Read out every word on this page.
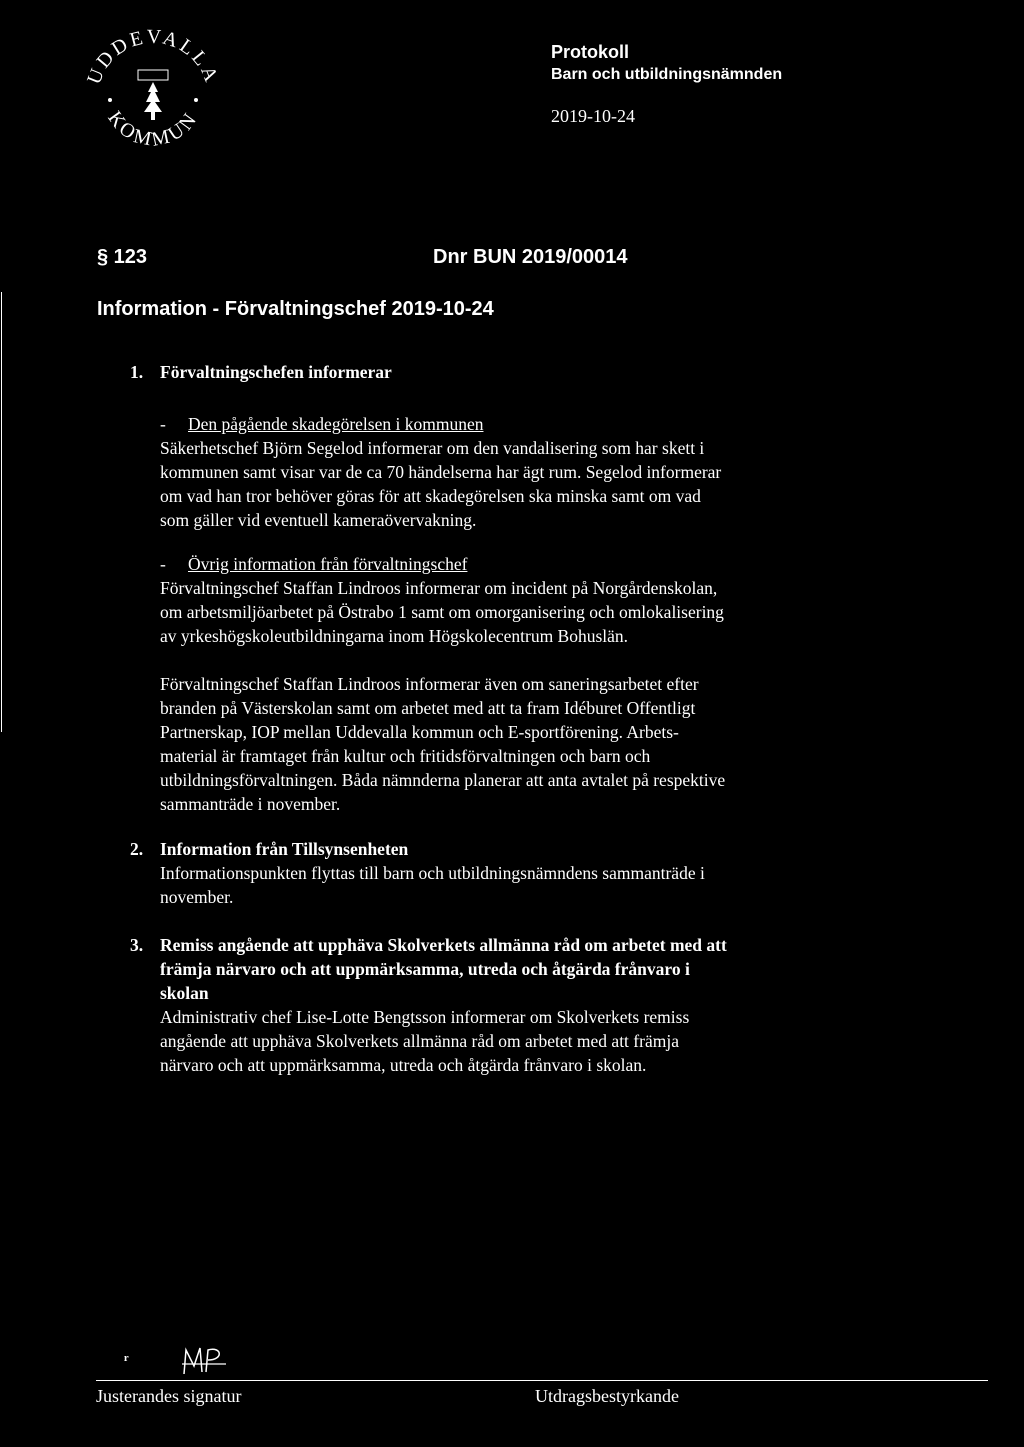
UDDEVALLA
KOMMUN
Protokoll
Barn och utbildningsnämnden
2019-10-24
§ 123	Dnr BUN 2019/00014
Information - Förvaltningschef 2019-10-24
1. Förvaltningschefen informerar
- Den pågående skadegörelsen i kommunen
Säkerhetschef Björn Segelod informerar om den vandalisering som har skett i
kommunen samt visar var de ca 70 händelserna har ägt rum. Segelod informerar
om vad han tror behöver göras för att skadegörelsen ska minska samt om vad
som gäller vid eventuell kameraövervakning.
- Övrig information från förvaltningschef
Förvaltningschef Staffan Lindroos informerar om incident på Norgårdenskolan,
om arbetsmiljöarbetet på Östrabo 1 samt om omorganisering och omlokalisering
av yrkeshögskoleutbildningarna inom Högskolecentrum Bohuslän.
Förvaltningschef Staffan Lindroos informerar även om saneringsarbetet efter
branden på Västerskolan samt om arbetet med att ta fram Idéburet Offentligt
Partnerskap, IOP mellan Uddevalla kommun och E-sportförening. Arbets-
material är framtaget från kultur och fritidsförvaltningen och barn och
utbildningsförvaltningen. Båda nämnderna planerar att anta avtalet på respektive
sammanträde i november.
2. Information från Tillsynsenheten
Informationspunkten flyttas till barn och utbildningsnämndens sammanträde i
november.
3. Remiss angående att upphäva Skolverkets allmänna råd om arbetet med att
främja närvaro och att uppmärksamma, utreda och åtgärda frånvaro i
skolan
Administrativ chef Lise-Lotte Bengtsson informerar om Skolverkets remiss
angående att upphäva Skolverkets allmänna råd om arbetet med att främja
närvaro och att uppmärksamma, utreda och åtgärda frånvaro i skolan.
ʳ
Justerandes signatur	Utdragsbestyrkande
